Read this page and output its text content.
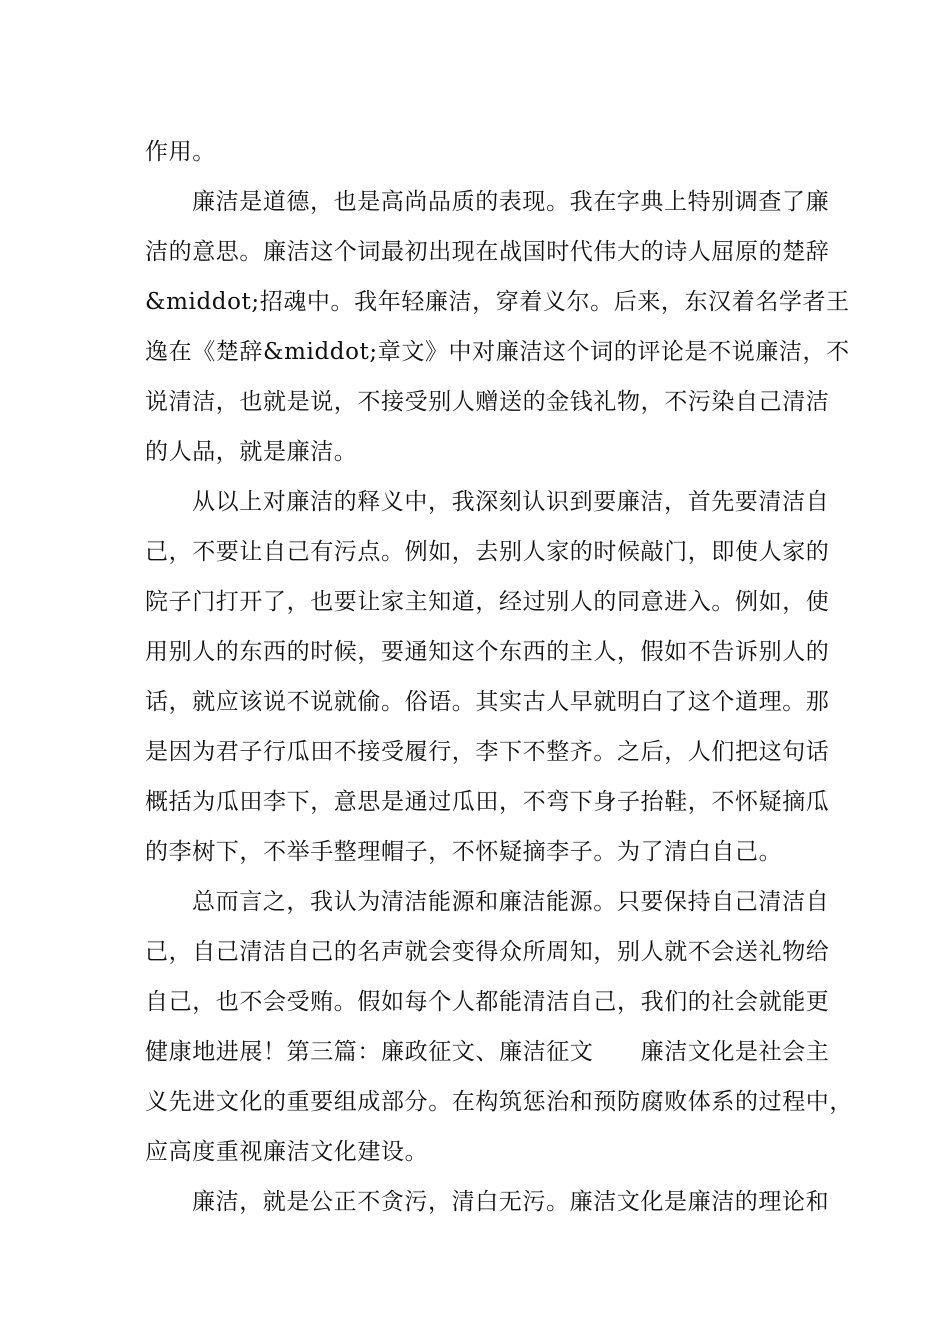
作用。
廉洁是道德，也是高尚品质的表现。我在字典上特别调查了廉
洁的意思。廉洁这个词最初出现在战国时代伟大的诗人屈原的楚辞
&middot;招魂中。我年轻廉洁，穿着义尔。后来，东汉着名学者王
逸在《楚辞&middot;章文》中对廉洁这个词的评论是不说廉洁，不
说清洁，也就是说，不接受别人赠送的金钱礼物，不污染自己清洁
的人品，就是廉洁。
从以上对廉洁的释义中，我深刻认识到要廉洁，首先要清洁自
己，不要让自己有污点。例如，去别人家的时候敲门，即使人家的
院子门打开了，也要让家主知道，经过别人的同意进入。例如，使
用别人的东西的时候，要通知这个东西的主人，假如不告诉别人的
话，就应该说不说就偷。俗语。其实古人早就明白了这个道理。那
是因为君子行瓜田不接受履行，李下不整齐。之后，人们把这句话
概括为瓜田李下，意思是通过瓜田，不弯下身子抬鞋，不怀疑摘瓜
的李树下，不举手整理帽子，不怀疑摘李子。为了清白自己。
总而言之，我认为清洁能源和廉洁能源。只要保持自己清洁自
己，自己清洁自己的名声就会变得众所周知，别人就不会送礼物给
自己，也不会受贿。假如每个人都能清洁自己，我们的社会就能更
健康地进展！第三篇：廉政征文、廉洁征文　　廉洁文化是社会主
义先进文化的重要组成部分。在构筑惩治和预防腐败体系的过程中，
应高度重视廉洁文化建设。
廉洁，就是公正不贪污，清白无污。廉洁文化是廉洁的理论和
